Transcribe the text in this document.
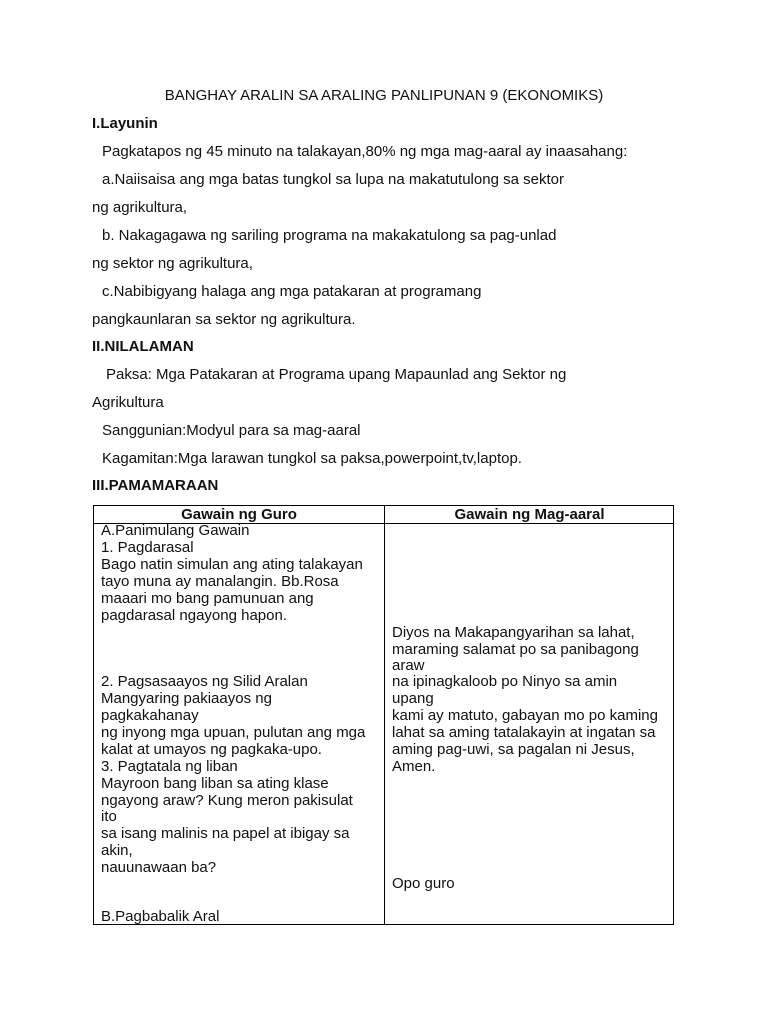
BANGHAY ARALIN SA ARALING PANLIPUNAN 9 (EKONOMIKS)
I.Layunin
Pagkatapos ng 45 minuto na talakayan,80% ng mga mag-aaral ay inaasahang:
a.Naiisaisa ang mga batas tungkol sa lupa na makatutulong sa sektor
ng agrikultura,
b. Nakagagawa ng sariling programa na makakatulong sa pag-unlad
ng sektor ng agrikultura,
c.Nabibigyang halaga ang mga patakaran at programang
pangkaunlaran sa sektor ng agrikultura.
II.NILALAMAN
Paksa: Mga Patakaran at Programa upang Mapaunlad ang Sektor ng
Agrikultura
Sanggunian:Modyul para sa mag-aaral
Kagamitan:Mga larawan tungkol sa paksa,powerpoint,tv,laptop.
III.PAMAMARAAN
Gawain ng Guro	Gawain ng Mag-aaral
A.Panimulang Gawain
1. Pagdarasal
Bago natin simulan ang ating talakayan
tayo muna ay manalangin. Bb.Rosa
maaari mo bang pamunuan ang
pagdarasal ngayong hapon.
2. Pagsasaayos ng Silid Aralan
Mangyaring pakiaayos ng
pagkakahanay
ng inyong mga upuan, pulutan ang mga
kalat at umayos ng pagkaka-upo.
3. Pagtatala ng liban
Mayroon bang liban sa ating klase
ngayong araw? Kung meron pakisulat
ito
sa isang malinis na papel at ibigay sa
akin,
nauunawaan ba?
B.Pagbabalik Aral
Diyos na Makapangyarihan sa lahat,
maraming salamat po sa panibagong
araw
na ipinagkaloob po Ninyo sa amin
upang
kami ay matuto, gabayan mo po kaming
lahat sa aming tatalakayin at ingatan sa
aming pag-uwi, sa pagalan ni Jesus,
Amen.
Opo guro
